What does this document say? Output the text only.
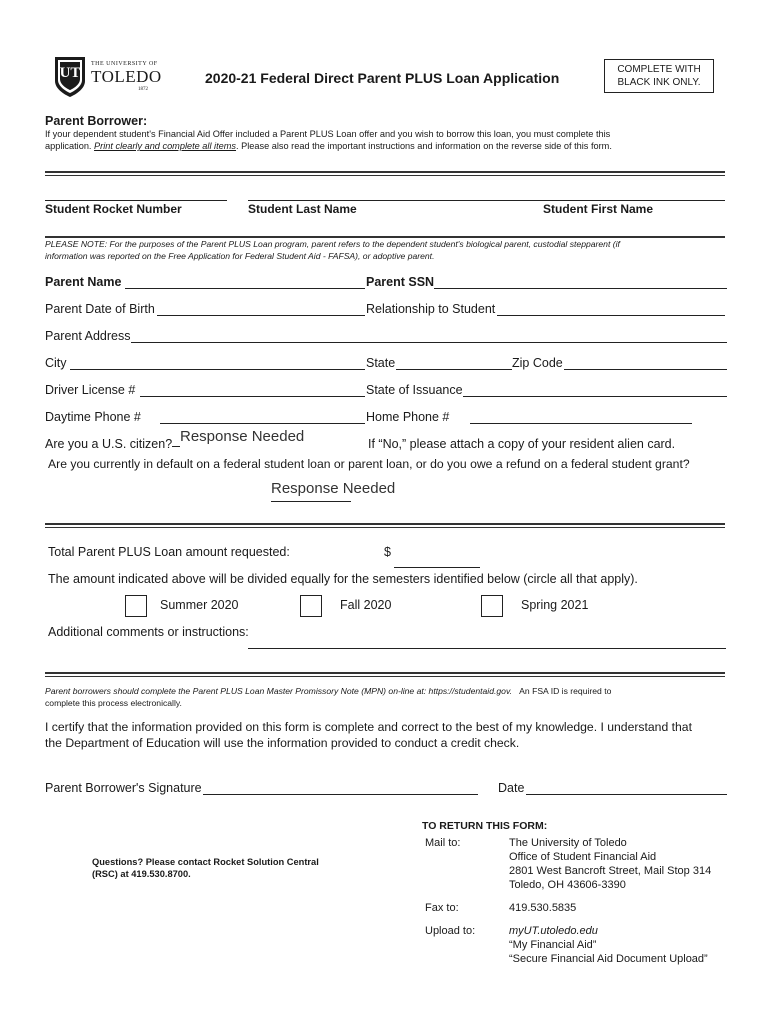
UT
THE UNIVERSITY OF
TOLEDO
1872
2020-21 Federal Direct Parent PLUS Loan Application
COMPLETE WITH
BLACK INK ONLY.
Parent Borrower:
If your dependent student's Financial Aid Offer included a Parent PLUS Loan offer and you wish to borrow this loan, you must complete this
application. Print clearly and complete all items. Please also read the important instructions and information on the reverse side of this form.
Student Rocket Number	Student Last Name	Student First Name
PLEASE NOTE: For the purposes of the Parent PLUS Loan program, parent refers to the dependent student's biological parent, custodial stepparent (if
information was reported on the Free Application for Federal Student Aid - FAFSA), or adoptive parent.
Parent Name	Parent SSN
Parent Date of Birth	Relationship to Student
Parent Address
City	State	Zip Code
Driver License #	State of Issuance
Daytime Phone #	Home Phone #
Are you a U.S. citizen? Response Needed	If “No,” please attach a copy of your resident alien card.
Are you currently in default on a federal student loan or parent loan, or do you owe a refund on a federal student grant?
Response Needed
Total Parent PLUS Loan amount requested:	$
The amount indicated above will be divided equally for the semesters identified below (circle all that apply).
Summer 2020	Fall 2020	Spring 2021
Additional comments or instructions:
Parent borrowers should complete the Parent PLUS Loan Master Promissory Note (MPN) on-line at: https://studentaid.gov. An FSA ID is required to
complete this process electronically.
I certify that the information provided on this form is complete and correct to the best of my knowledge. I understand that
the Department of Education will use the information provided to conduct a credit check.
Parent Borrower's Signature	Date
Questions? Please contact Rocket Solution Central
(RSC) at 419.530.8700.
TO RETURN THIS FORM:
Mail to:	The University of Toledo
Office of Student Financial Aid
2801 West Bancroft Street, Mail Stop 314
Toledo, OH 43606-3390
Fax to:	419.530.5835
Upload to:	myUT.utoledo.edu
“My Financial Aid”
“Secure Financial Aid Document Upload”
